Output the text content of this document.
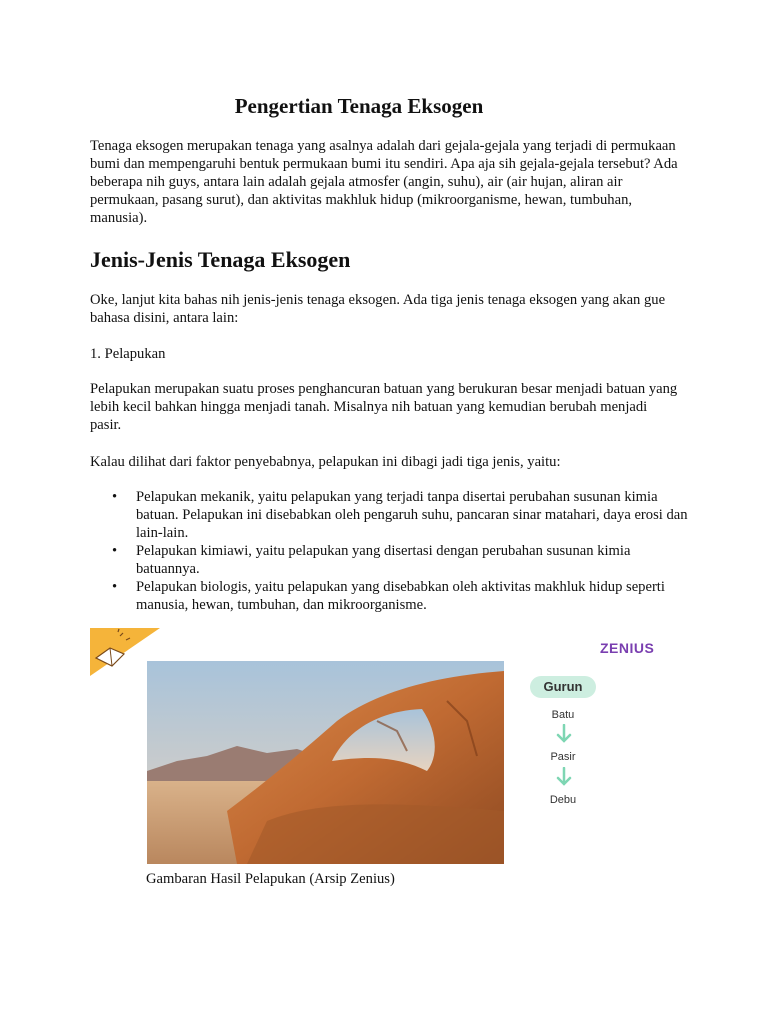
Pengertian Tenaga Eksogen

Tenaga eksogen merupakan tenaga yang asalnya adalah dari gejala-gejala yang terjadi di permukaan bumi dan mempengaruhi bentuk permukaan bumi itu sendiri. Apa aja sih gejala-gejala tersebut? Ada beberapa nih guys, antara lain adalah gejala atmosfer (angin, suhu), air (air hujan, aliran air permukaan, pasang surut), dan aktivitas makhluk hidup (mikroorganisme, hewan, tumbuhan, manusia).

Jenis-Jenis Tenaga Eksogen

Oke, lanjut kita bahas nih jenis-jenis tenaga eksogen. Ada tiga jenis tenaga eksogen yang akan gue bahasa disini, antara lain:

1. Pelapukan

Pelapukan merupakan suatu proses penghancuran batuan yang berukuran besar menjadi batuan yang lebih kecil bahkan hingga menjadi tanah. Misalnya nih batuan yang kemudian berubah menjadi pasir.

Kalau dilihat dari faktor penyebabnya, pelapukan ini dibagi jadi tiga jenis, yaitu:

• Pelapukan mekanik, yaitu pelapukan yang terjadi tanpa disertai perubahan susunan kimia batuan. Pelapukan ini disebabkan oleh pengaruh suhu, pancaran sinar matahari, daya erosi dan lain-lain.
• Pelapukan kimiawi, yaitu pelapukan yang disertasi dengan perubahan susunan kimia batuannya.
• Pelapukan biologis, yaitu pelapukan yang disebabkan oleh aktivitas makhluk hidup seperti manusia, hewan, tumbuhan, dan mikroorganisme.
ZENIUS
Gurun
Batu
Pasir
Debu

Gambaran Hasil Pelapukan (Arsip Zenius)
